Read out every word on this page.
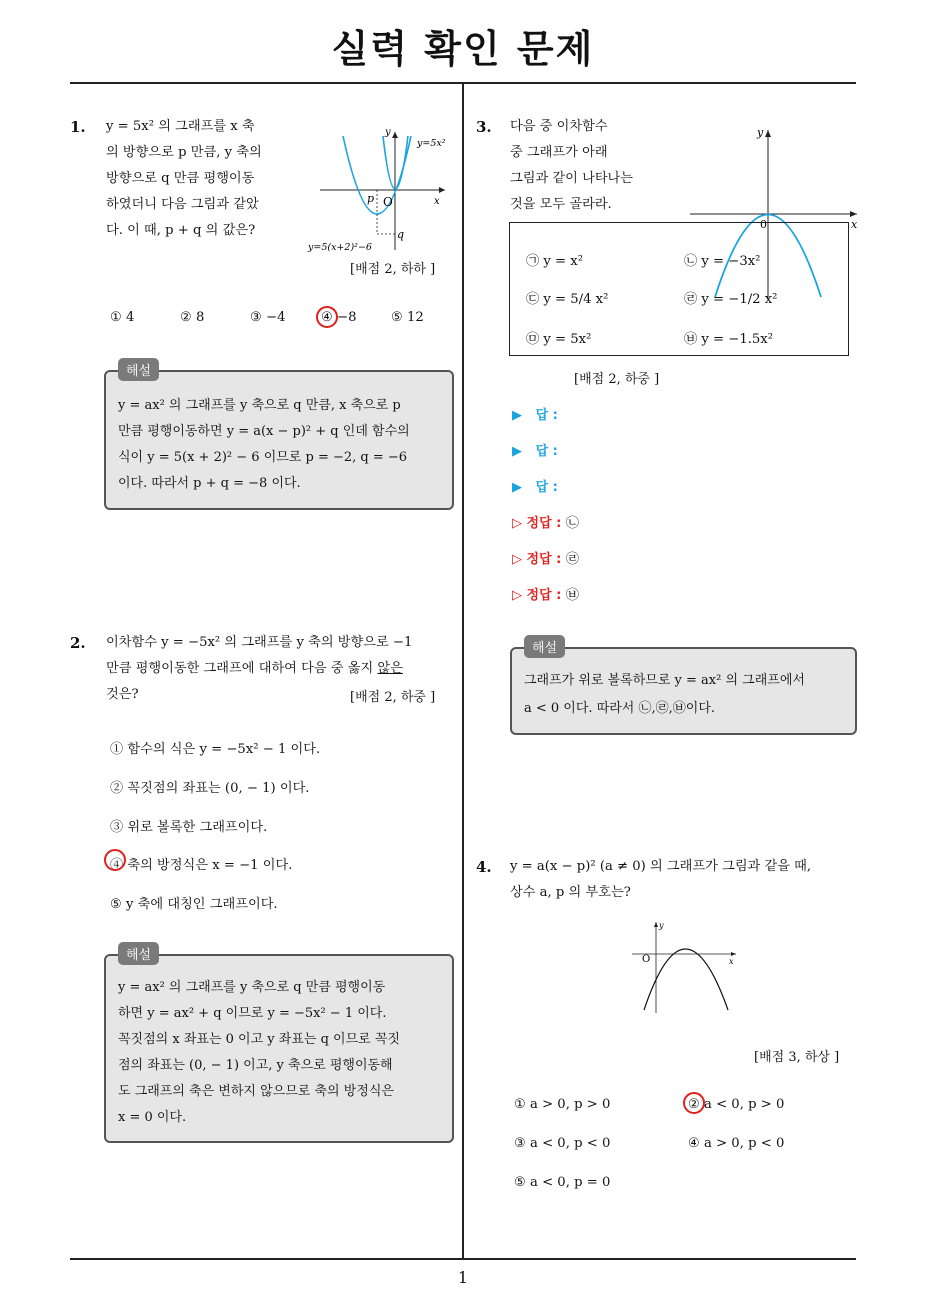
실력 확인 문제
1. y = 5x² 의 그래프를 x 축
의 방향으로 p 만큼, y 축의
방향으로 q 만큼 평행이동
하였더니 다음 그림과 같았
다. 이 때, p + q 의 값은?
y
x
O
p
q
y=5x²
y=5(x+2)²−6
[배점 2, 하하 ]
① 4	② 8	③ −4	④ −8	⑤ 12
y = ax² 의 그래프를 y 축으로 q 만큼, x 축으로 p
만큼 평행이동하면 y = a(x − p)² + q 인데 함수의
식이 y = 5(x + 2)² − 6 이므로 p = −2, q = −6
이다. 따라서 p + q = −8 이다.
해설
2. 이차함수 y = −5x² 의 그래프를 y 축의 방향으로 −1
만큼 평행이동한 그래프에 대하여 다음 중 옳지 않은
것은?	[배점 2, 하중 ]
① 함수의 식은 y = −5x² − 1 이다.
② 꼭짓점의 좌표는 (0, − 1) 이다.
③ 위로 볼록한 그래프이다.
④ 축의 방정식은 x = −1 이다.
⑤ y 축에 대칭인 그래프이다.
y = ax² 의 그래프를 y 축으로 q 만큼 평행이동
하면 y = ax² + q 이므로 y = −5x² − 1 이다.
꼭짓점의 x 좌표는 0 이고 y 좌표는 q 이므로 꼭짓
점의 좌표는 (0, − 1) 이고, y 축으로 평행이동해
도 그래프의 축은 변하지 않으므로 축의 방정식은
x = 0 이다.
해설
3. 다음 중 이차함수
중 그래프가 아래
그림과 같이 나타나는
것을 모두 골라라.
y
x
0
㉠ y = x²	㉡ y = −3x²
㉢ y = 5/4 x²	㉣ y = −1/2 x²
㉤ y = 5x²	㉥ y = −1.5x²
[배점 2, 하중 ]
▶ 답 :
▶ 답 :
▶ 답 :
▷ 정답 : ㉡
▷ 정답 : ㉣
▷ 정답 : ㉥
그래프가 위로 볼록하므로 y = ax² 의 그래프에서
a < 0 이다. 따라서 ㉡,㉣,㉥이다.
해설
4. y = a(x − p)² (a ≠ 0) 의 그래프가 그림과 같을 때,
상수 a, p 의 부호는?
y
x
O
[배점 3, 하상 ]
① a > 0, p > 0	② a < 0, p > 0
③ a < 0, p < 0	④ a > 0, p < 0
⑤ a < 0, p = 0
1
